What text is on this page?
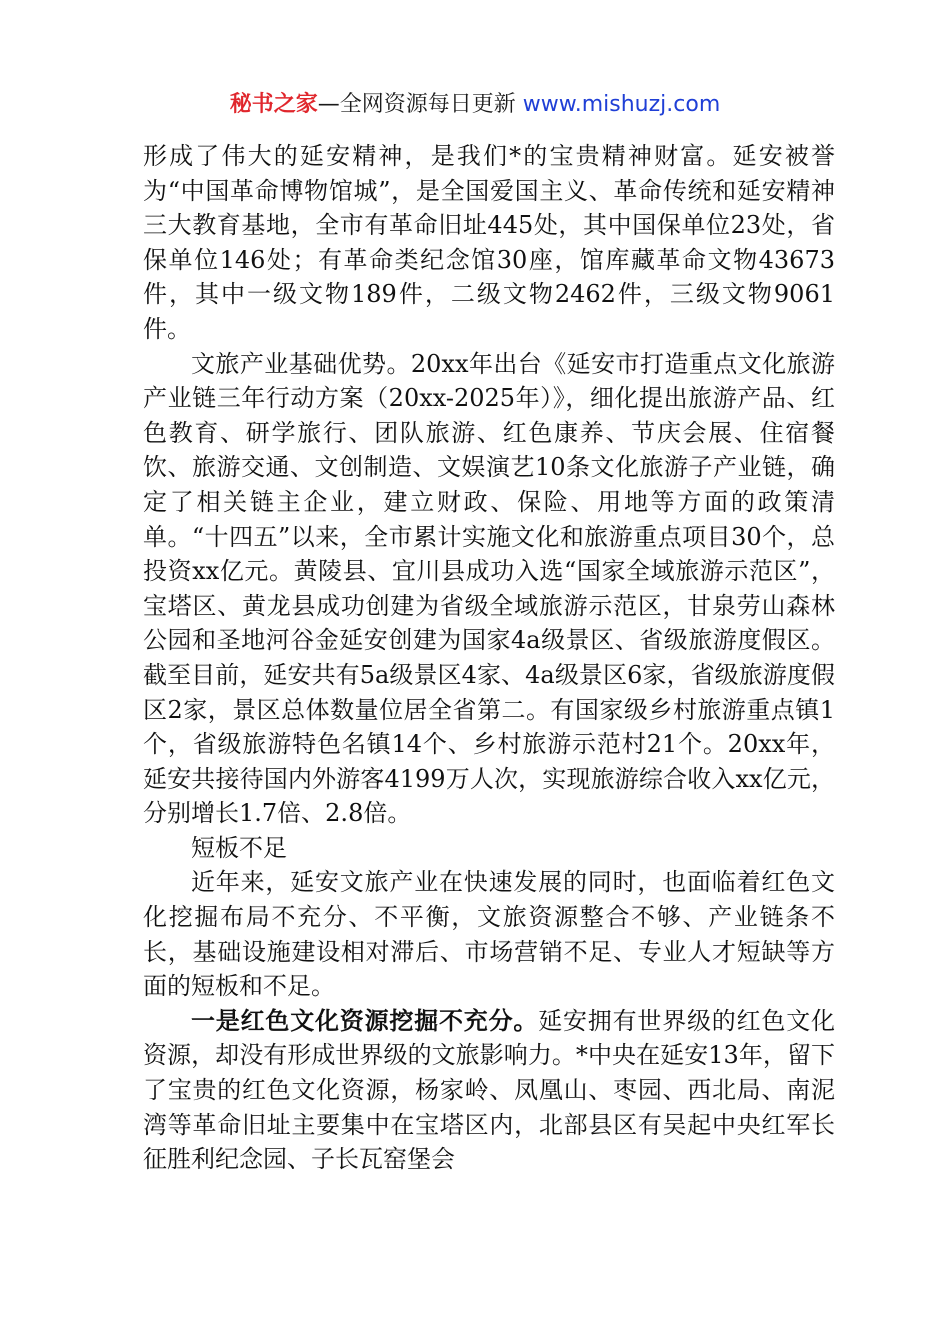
秘书之家—全网资源每日更新 www.mishuzj.com

形成了伟大的延安精神，是我们*的宝贵精神财富。延安被誉为“中国革命博物馆城”，是全国爱国主义、革命传统和延安精神三大教育基地，全市有革命旧址445处，其中国保单位23处，省保单位146处；有革命类纪念馆30座，馆库藏革命文物43673件，其中一级文物189件，二级文物2462件，三级文物9061件。

文旅产业基础优势。20xx年出台《延安市打造重点文化旅游产业链三年行动方案（20xx-2025年）》，细化提出旅游产品、红色教育、研学旅行、团队旅游、红色康养、节庆会展、住宿餐饮、旅游交通、文创制造、文娱演艺10条文化旅游子产业链，确定了相关链主企业，建立财政、保险、用地等方面的政策清单。“十四五”以来，全市累计实施文化和旅游重点项目30个，总投资xx亿元。黄陵县、宜川县成功入选“国家全域旅游示范区”，宝塔区、黄龙县成功创建为省级全域旅游示范区，甘泉劳山森林公园和圣地河谷金延安创建为国家4a级景区、省级旅游度假区。截至目前，延安共有5a级景区4家、4a级景区6家，省级旅游度假区2家，景区总体数量位居全省第二。有国家级乡村旅游重点镇1个，省级旅游特色名镇14个、乡村旅游示范村21个。20xx年，延安共接待国内外游客4199万人次，实现旅游综合收入xx亿元，分别增长1.7倍、2.8倍。

短板不足

近年来，延安文旅产业在快速发展的同时，也面临着红色文化挖掘布局不充分、不平衡，文旅资源整合不够、产业链条不长，基础设施建设相对滞后、市场营销不足、专业人才短缺等方面的短板和不足。

一是红色文化资源挖掘不充分。延安拥有世界级的红色文化资源，却没有形成世界级的文旅影响力。*中央在延安13年，留下了宝贵的红色文化资源，杨家岭、凤凰山、枣园、西北局、南泥湾等革命旧址主要集中在宝塔区内，北部县区有吴起中央红军长征胜利纪念园、子长瓦窑堡会
